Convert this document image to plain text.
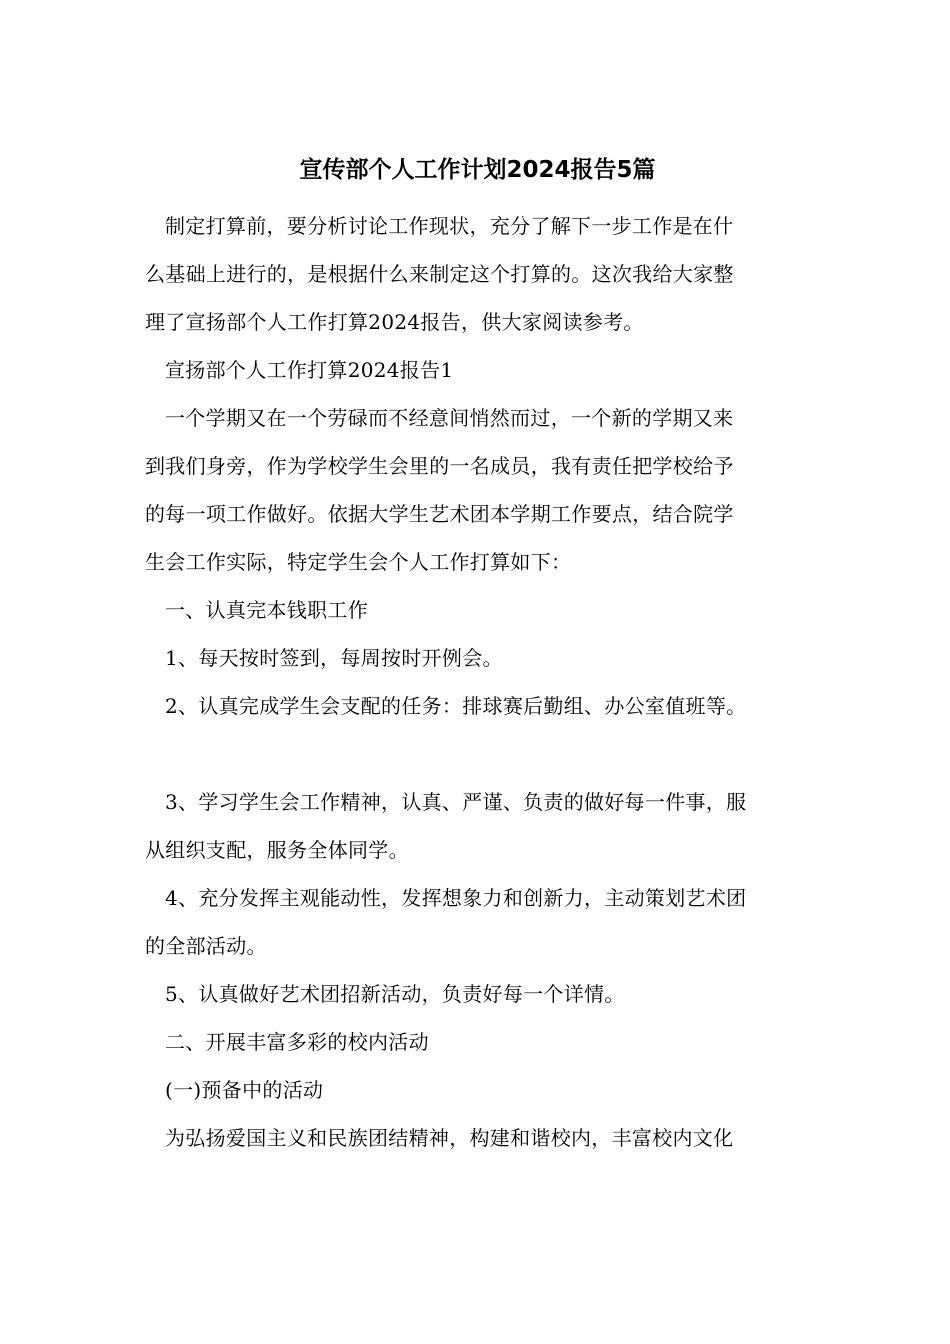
宣传部个人工作计划2024报告5篇
制定打算前，要分析讨论工作现状，充分了解下一步工作是在什
么基础上进行的，是根据什么来制定这个打算的。这次我给大家整
理了宣扬部个人工作打算2024报告，供大家阅读参考。
宣扬部个人工作打算2024报告1
一个学期又在一个劳碌而不经意间悄然而过，一个新的学期又来
到我们身旁，作为学校学生会里的一名成员，我有责任把学校给予
的每一项工作做好。依据大学生艺术团本学期工作要点，结合院学
生会工作实际，特定学生会个人工作打算如下：
一、认真完本钱职工作
1、每天按时签到，每周按时开例会。
2、认真完成学生会支配的任务：排球赛后勤组、办公室值班等。
3、学习学生会工作精神，认真、严谨、负责的做好每一件事，服
从组织支配，服务全体同学。
4、充分发挥主观能动性，发挥想象力和创新力，主动策划艺术团
的全部活动。
5、认真做好艺术团招新活动，负责好每一个详情。
二、开展丰富多彩的校内活动
(一)预备中的活动
为弘扬爱国主义和民族团结精神，构建和谐校内，丰富校内文化
